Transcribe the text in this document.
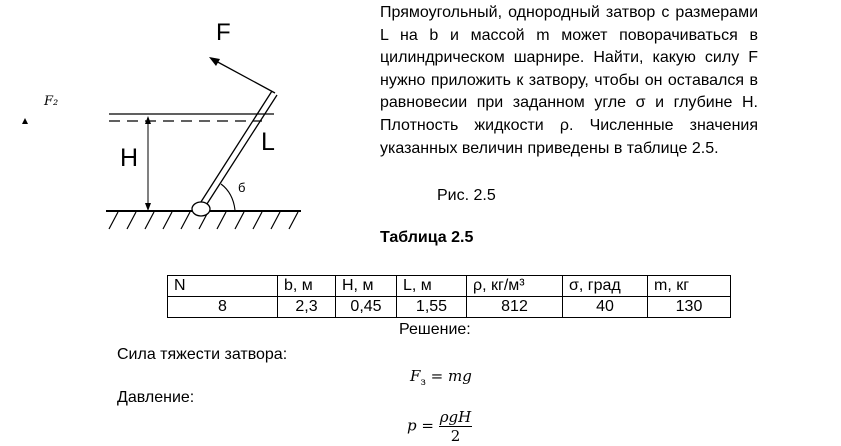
F
L
H
б
F₂
Прямоугольный, однородный затвор с размерами L на b и массой m может поворачиваться в цилиндрическом шарнире. Найти, какую силу F нужно приложить к затвору, чтобы он оставался в равновесии при заданном угле σ и глубине H. Плотность жидкости ρ. Численные значения указанных величин приведены в таблице 2.5.
Рис. 2.5
Таблица 2.5
N	b, м	H, м	L, м	ρ, кг/м³	σ, град	m, кг
8	2,3	0,45	1,55	812	40	130
Решение:
Сила тяжести затвора:
$F_з$ = mg
Давление:
$p = \frac{\text{ρgH}}{2}$
